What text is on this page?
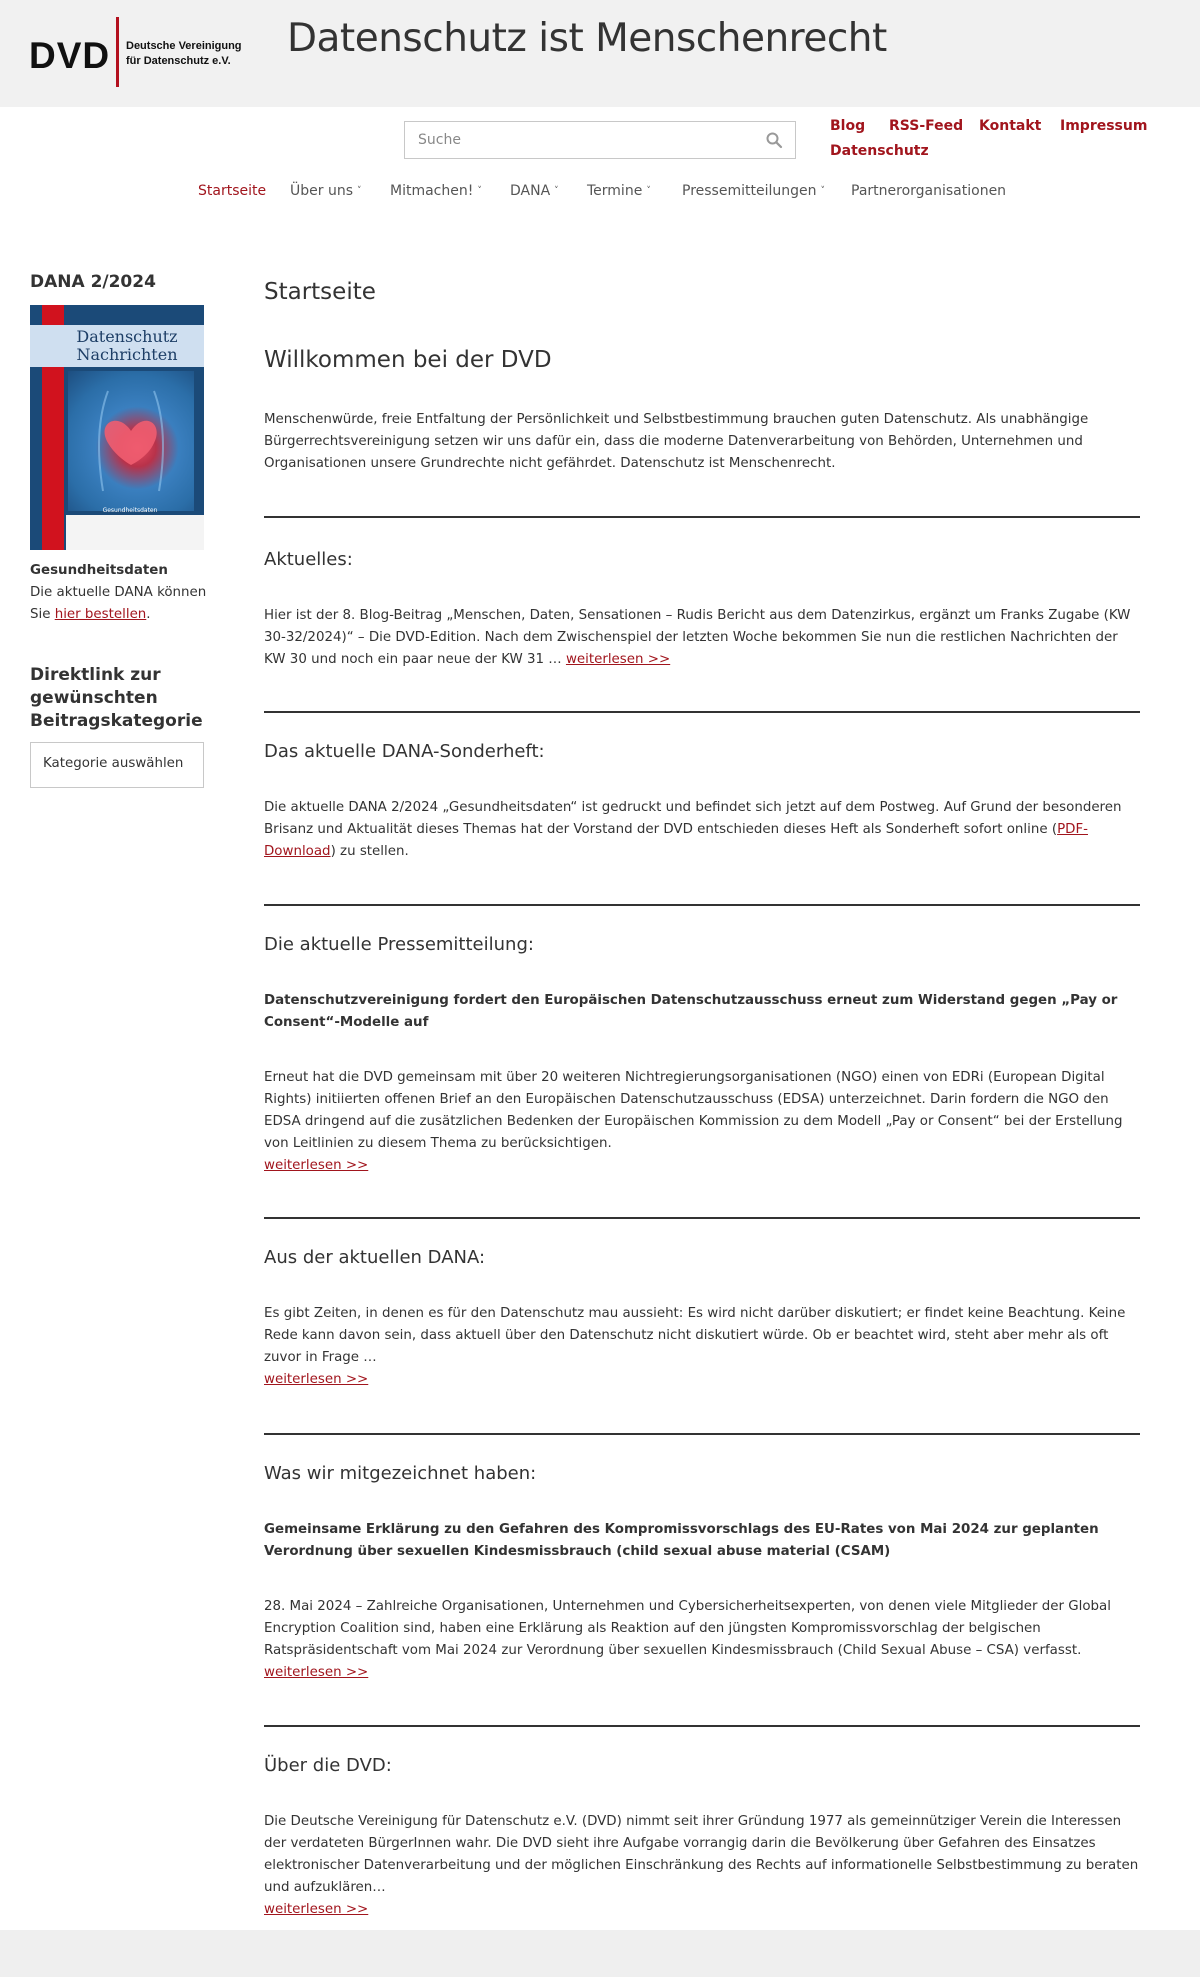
DVD Deutsche Vereinigung
für Datenschutz e.V. Datenschutz ist Menschenrecht
Suche
Blog RSS-Feed Kontakt Impressum
Datenschutz
Startseite Über uns ˅ Mitmachen! ˅ DANA ˅ Termine ˅ Pressemitteilungen ˅ Partnerorganisationen
DANA 2/2024
Datenschutz
Nachrichten
Gesundheitsdaten
Gesundheitsdaten
Die aktuelle DANA können Sie hier bestellen.
Direktlink zur gewünschten Beitragskategorie
Kategorie auswählen
Startseite
Willkommen bei der DVD
Menschenwürde, freie Entfaltung der Persönlichkeit und Selbstbestimmung brauchen guten Datenschutz. Als unabhängige Bürgerrechtsvereinigung setzen wir uns dafür ein, dass die moderne Datenverarbeitung von Behörden, Unternehmen und Organisationen unsere Grundrechte nicht gefährdet. Datenschutz ist Menschenrecht.
Aktuelles:
Hier ist der 8. Blog-Beitrag „Menschen, Daten, Sensationen – Rudis Bericht aus dem Datenzirkus, ergänzt um Franks Zugabe (KW 30-32/2024)“ – Die DVD-Edition. Nach dem Zwischenspiel der letzten Woche bekommen Sie nun die restlichen Nachrichten der KW 30 und noch ein paar neue der KW 31 … weiterlesen >>
Das aktuelle DANA-Sonderheft:
Die aktuelle DANA 2/2024 „Gesundheitsdaten“ ist gedruckt und befindet sich jetzt auf dem Postweg. Auf Grund der besonderen Brisanz und Aktualität dieses Themas hat der Vorstand der DVD entschieden dieses Heft als Sonderheft sofort online (PDF-Download) zu stellen.
Die aktuelle Pressemitteilung:
Datenschutzvereinigung fordert den Europäischen Datenschutzausschuss erneut zum Widerstand gegen „Pay or Consent“-Modelle auf
Erneut hat die DVD gemeinsam mit über 20 weiteren Nichtregierungsorganisationen (NGO) einen von EDRi (European Digital Rights) initiierten offenen Brief an den Europäischen Datenschutzausschuss (EDSA) unterzeichnet. Darin fordern die NGO den EDSA dringend auf die zusätzlichen Bedenken der Europäischen Kommission zu dem Modell „Pay or Consent“ bei der Erstellung von Leitlinien zu diesem Thema zu berücksichtigen.
weiterlesen >>
Aus der aktuellen DANA:
Es gibt Zeiten, in denen es für den Datenschutz mau aussieht: Es wird nicht darüber diskutiert; er findet keine Beachtung. Keine Rede kann davon sein, dass aktuell über den Datenschutz nicht diskutiert würde. Ob er beachtet wird, steht aber mehr als oft zuvor in Frage …
weiterlesen >>
Was wir mitgezeichnet haben:
Gemeinsame Erklärung zu den Gefahren des Kompromissvorschlags des EU-Rates von Mai 2024 zur geplanten Verordnung über sexuellen Kindesmissbrauch (child sexual abuse material (CSAM)
28. Mai 2024 – Zahlreiche Organisationen, Unternehmen und Cybersicherheitsexperten, von denen viele Mitglieder der Global Encryption Coalition sind, haben eine Erklärung als Reaktion auf den jüngsten Kompromissvorschlag der belgischen Ratspräsidentschaft vom Mai 2024 zur Verordnung über sexuellen Kindesmissbrauch (Child Sexual Abuse – CSA) verfasst. weiterlesen >>
Über die DVD:
Die Deutsche Vereinigung für Datenschutz e.V. (DVD) nimmt seit ihrer Gründung 1977 als gemeinnütziger Verein die Interessen der verdateten BürgerInnen wahr. Die DVD sieht ihre Aufgabe vorrangig darin die Bevölkerung über Gefahren des Einsatzes elektronischer Datenverarbeitung und der möglichen Einschränkung des Rechts auf informationelle Selbstbestimmung zu beraten und aufzuklären…
weiterlesen >>
